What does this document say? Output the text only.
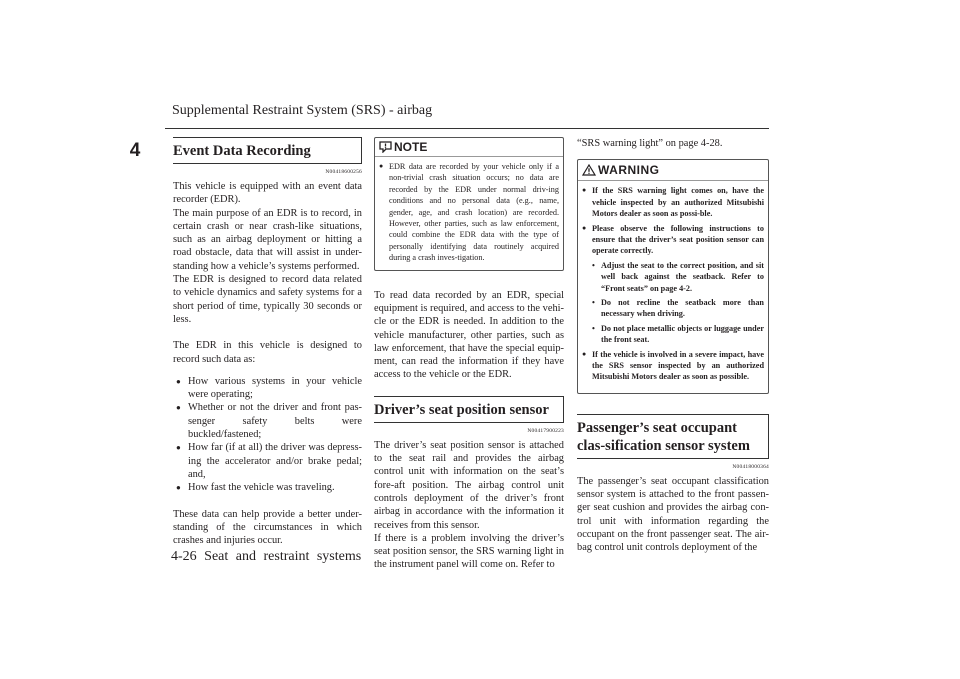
Supplemental Restraint System (SRS) - airbag
4	Event Data Recording
N00418600256

This vehicle is equipped with an event data recorder (EDR).

The main purpose of an EDR is to record, in certain crash or near crash-like situations, such as an airbag deployment or hitting a road obstacle, data that will assist in under-standing how a vehicle’s systems performed.

The EDR is designed to record data related to vehicle dynamics and safety systems for a short period of time, typically 30 seconds or less.

The EDR in this vehicle is designed to record such data as:

● How various systems in your vehicle were operating;
● Whether or not the driver and front pas-senger safety belts were buckled/fastened;
● How far (if at all) the driver was depress-ing the accelerator and/or brake pedal; and,
● How fast the vehicle was traveling.

These data can help provide a better under-standing of the circumstances in which crashes and injuries occur.

NOTE
● EDR data are recorded by your vehicle only if a non-trivial crash situation occurs; no data are recorded by the EDR under normal driv-ing conditions and no personal data (e.g., name, gender, age, and crash location) are recorded. However, other parties, such as law enforcement, could combine the EDR data with the type of personally identifying data routinely acquired during a crash inves-tigation.

To read data recorded by an EDR, special equipment is required, and access to the vehi-cle or the EDR is needed. In addition to the vehicle manufacturer, other parties, such as law enforcement, that have the special equip-ment, can read the information if they have access to the vehicle or the EDR.

Driver’s seat position sensor
N00417900223

The driver’s seat position sensor is attached to the seat rail and provides the airbag control unit with information on the seat’s fore-aft position. The airbag control unit controls deployment of the driver’s front airbag in accordance with the information it receives from this sensor.

If there is a problem involving the driver’s seat position sensor, the SRS warning light in the instrument panel will come on. Refer to

“SRS warning light” on page 4-28.

WARNING
● If the SRS warning light comes on, have the vehicle inspected by an authorized Mitsubishi Motors dealer as soon as possi-ble.
● Please observe the following instructions to ensure that the driver’s seat position sensor can operate correctly.
• Adjust the seat to the correct position, and sit well back against the seatback. Refer to “Front seats” on page 4-2.
• Do not recline the seatback more than necessary when driving.
• Do not place metallic objects or luggage under the front seat.
● If the vehicle is involved in a severe impact, have the SRS sensor inspected by an authorized Mitsubishi Motors dealer as soon as possible.
Passenger’s seat occupant clas-sification sensor system
N00418000364

The passenger’s seat occupant classification sensor system is attached to the front passen-ger seat cushion and provides the airbag con-trol unit with information regarding the occupant on the front passenger seat. The air-bag control unit controls deployment of the

4-26 Seat and restraint systems
